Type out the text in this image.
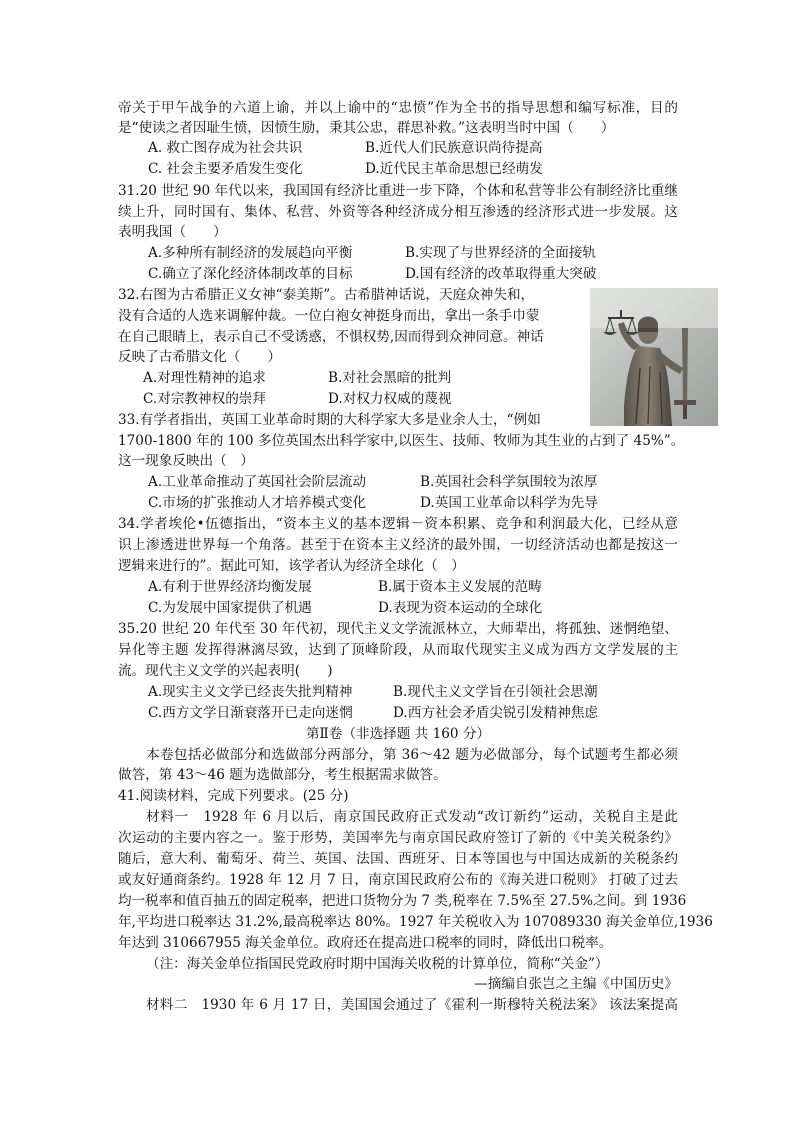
帝关于甲午战争的六道上谕，并以上谕中的“忠愤”作为全书的指导思想和编写标准，目的
是“使读之者因耻生愤，因愤生励，秉其公忠，群思补救。”这表明当时中国（　　）
A. 救亡图存成为社会共识	B.近代人们民族意识尚待提高
C. 社会主要矛盾发生变化	D.近代民主革命思想已经萌发
31.20 世纪 90 年代以来，我国国有经济比重进一步下降，个体和私营等非公有制经济比重继
续上升，同时国有、集体、私营、外资等各种经济成分相互渗透的经济形式进一步发展。这
表明我国（　　）
A.多种所有制经济的发展趋向平衡	B.实现了与世界经济的全面接轨
C.确立了深化经济体制改革的目标	D.国有经济的改革取得重大突破
32.右图为古希腊正义女神“泰美斯”。古希腊神话说，天庭众神失和，
没有合适的人选来调解仲裁。一位白袍女神挺身而出，拿出一条手巾蒙
在自己眼睛上，表示自己不受诱惑，不惧权势,因而得到众神同意。神话
反映了古希腊文化（　　）
A.对理性精神的追求	B.对社会黑暗的批判
C.对宗教神权的崇拜	D.对权力权威的蔑视
33.有学者指出，英国工业革命时期的大科学家大多是业余人士，“例如
1700-1800 年的 100 多位英国杰出科学家中,以医生、技师、牧师为其生业的占到了 45%”。
这一现象反映出（　）
A.工业革命推动了英国社会阶层流动	B.英国社会科学氛围较为浓厚
C.市场的扩张推动人才培养模式变化	D.英国工业革命以科学为先导
34.学者埃伦•伍德指出，“资本主义的基本逻辑－资本积累、竞争和利润最大化，已经从意
识上渗透进世界每一个角落。甚至于在资本主义经济的最外围，一切经济活动也都是按这一
逻辑来进行的”。据此可知，该学者认为经济全球化（　）
A.有利于世界经济均衡发展	B.属于资本主义发展的范畴
C.为发展中国家提供了机遇	D.表现为资本运动的全球化
35.20 世纪 20 年代至 30 年代初，现代主义文学流派林立，大师辈出，将孤独、迷惘绝望、
异化等主题 发挥得淋漓尽致，达到了顶峰阶段，从而取代现实主义成为西方文学发展的主
流。现代主义文学的兴起表明(　　)
A.现实主义文学已经丧失批判精神	B.现代主义文学旨在引领社会思潮
C.西方文学日渐衰落开已走向迷惘	D.西方社会矛盾尖锐引发精神焦虑
第Ⅱ卷（非选择题 共 160 分）
本卷包括必做部分和选做部分两部分，第 36～42 题为必做部分，每个试题考生都必须
做答，第 43～46 题为选做部分，考生根据需求做答。
41.阅读材料，完成下列要求。(25 分)
材料一　1928 年 6 月以后，南京国民政府正式发动“改订新约”运动，关税自主是此
次运动的主要内容之一。鉴于形势，美国率先与南京国民政府签订了新的《中美关税条约》
随后，意大利、葡萄牙、荷兰、英国、法国、西班牙、日本等国也与中国达成新的关税条约
或友好通商条约。1928 年 12 月 7 日，南京国民政府公布的《海关进口税则》 打破了过去
均一税率和值百抽五的固定税率，把进口货物分为 7 类,税率在 7.5%至 27.5%之间。到 1936
年,平均进口税率达 31.2%,最高税率达 80%。1927 年关税收入为 107089330 海关金单位,1936
年达到 310667955 海关金单位。政府还在提高进口税率的同时，降低出口税率。
（注：海关金单位指国民党政府时期中国海关收税的计算单位，简称“关金”）
—摘编自张岂之主编《中国历史》
材料二　1930 年 6 月 17 日，美国国会通过了《霍利一斯穆特关税法案》 该法案提高
